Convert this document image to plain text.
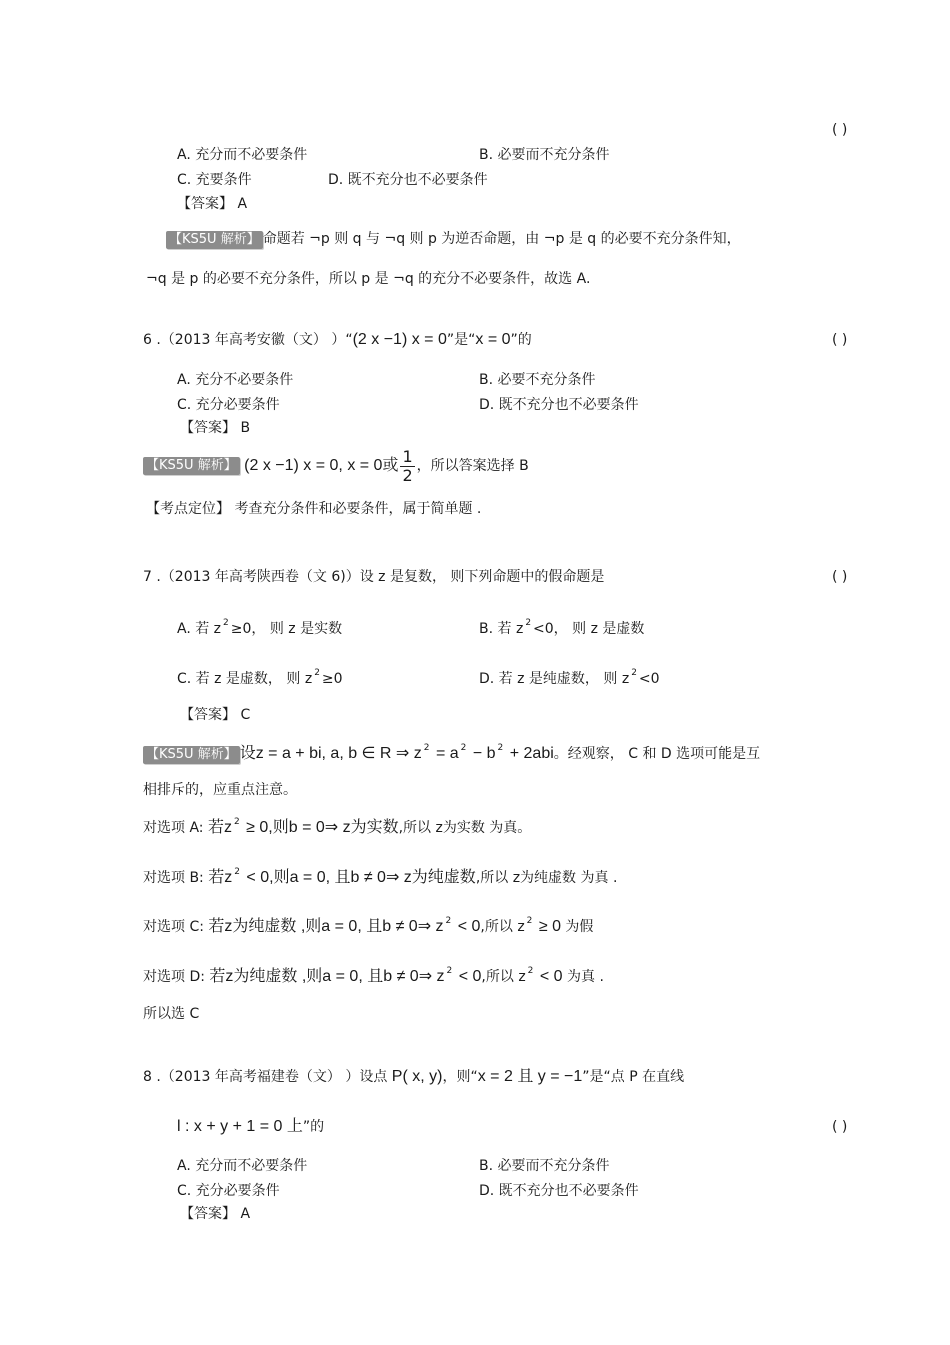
( )
A. 充分而不必要条件	B. 必要而不充分条件
C. 充要条件	D. 既不充分也不必要条件
【答案】 A
【KS5U 解析】 命题若 ¬p 则 q 与 ¬q 则 p 为逆否命题，由 ¬p 是 q 的必要不充分条件知，
¬q 是 p 的必要不充分条件，所以 p 是 ¬q 的充分不必要条件，故选 A.
6 .（2013 年高考安徽（文） ）“(2 x −1) x = 0”是“x = 0”的	( )
A. 充分不必要条件	B. 必要不充分条件
C. 充分必要条件	D. 既不充分也不必要条件
【答案】 B
【KS5U 解析】 (2 x −1) x = 0, x = 0或 $\frac{1}{2}$ ，所以答案选择 B
【考点定位】 考查充分条件和必要条件，属于简单题 .
7 .（2013 年高考陕西卷（文 6)）设 z 是复数， 则下列命题中的假命题是	( )
A. 若 z $^2$ ≥0， 则 z 是实数	B. 若 z $^2$ <0， 则 z 是虚数
C. 若 z 是虚数， 则 z $^2$ ≥0	D. 若 z 是纯虚数， 则 z $^2$ <0
【答案】 C
【KS5U 解析】 设z = a + bi, a, b ∈ R ⇒ z $^2$ = a $^2$ − b $^2$ + 2abi。经观察， C 和 D 选项可能是互
相排斥的，应重点注意。
对选项 A: 若z $^2$ ≥ 0,则b = 0⇒ z为实数,所以 z为实数 为真。
对选项 B: 若z $^2$ < 0,则a = 0, 且b ≠ 0⇒ z为纯虚数,所以 z为纯虚数 为真 .
对选项 C: 若z为纯虚数 ,则a = 0, 且b ≠ 0⇒ z $^2$ < 0,所以 z $^2$ ≥ 0 为假
对选项 D: 若z为纯虚数 ,则a = 0, 且b ≠ 0⇒ z $^2$ < 0,所以 z $^2$ < 0 为真 .
所以选 C
8 .（2013 年高考福建卷（文） ）设点 P( x, y)，则“x = 2 且 y = −1”是“点 P 在直线
l : x + y + 1 = 0 上”的	( )
A. 充分而不必要条件	B. 必要而不充分条件
C. 充分必要条件	D. 既不充分也不必要条件
【答案】 A
